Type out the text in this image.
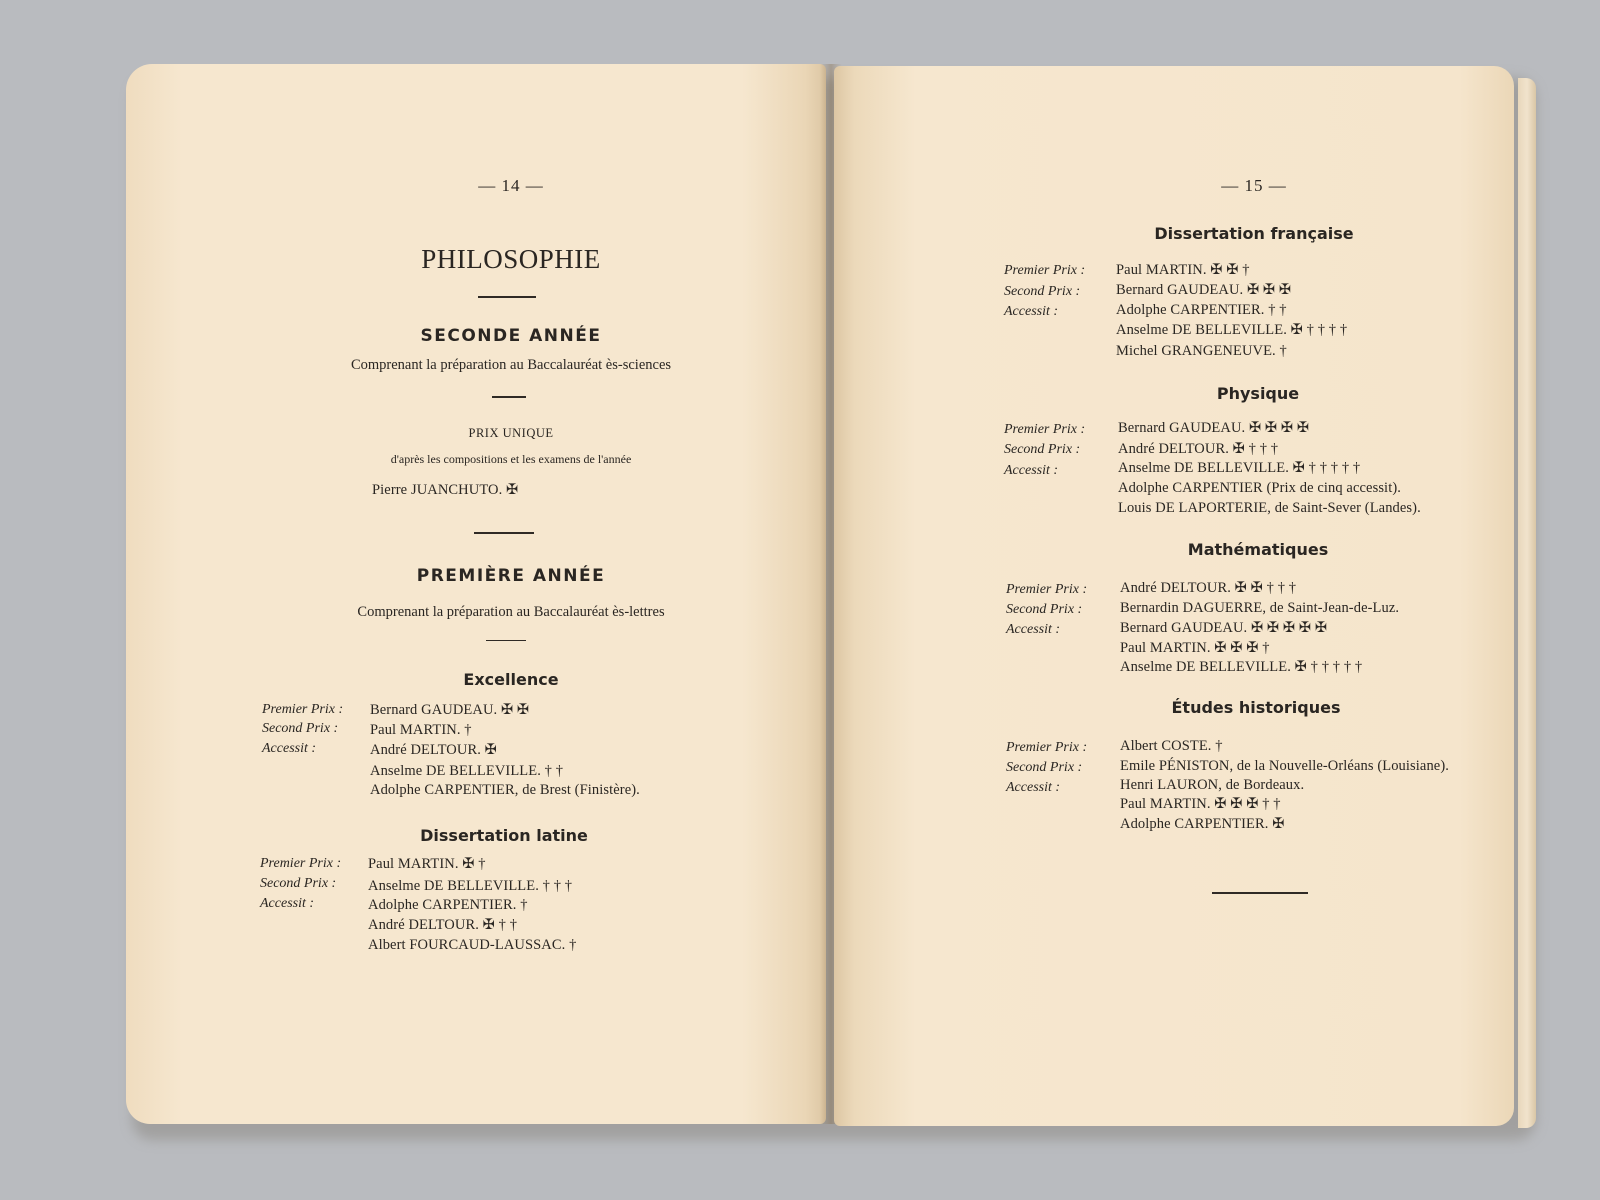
— 14 —
PHILOSOPHIE
SECONDE ANNÉE
Comprenant la préparation au Baccalauréat ès-sciences
PRIX UNIQUE
d'après les compositions et les examens de l'année
Pierre JUANCHUTO. ✠
PREMIÈRE ANNÉE
Comprenant la préparation au Baccalauréat ès-lettres
Excellence
Premier Prix : Bernard GAUDEAU. ✠ ✠
Second Prix : Paul MARTIN. †
Accessit :	André DELTOUR. ✠
Anselme DE BELLEVILLE. † †
Adolphe CARPENTIER, de Brest (Finistère).
Dissertation latine
Premier Prix : Paul MARTIN. ✠ †
Second Prix : Anselme DE BELLEVILLE. † † †
Accessit :	Adolphe CARPENTIER. †
André DELTOUR. ✠ † †
Albert FOURCAUD-LAUSSAC. †
— 15 —
Dissertation française
Premier Prix : Paul MARTIN. ✠ ✠ †
Second Prix : Bernard GAUDEAU. ✠ ✠ ✠
Accessit :	Adolphe CARPENTIER. † †
Anselme DE BELLEVILLE. ✠ † † † †
Michel GRANGENEUVE. †
Physique
Premier Prix : Bernard GAUDEAU. ✠ ✠ ✠ ✠
Second Prix :	André DELTOUR. ✠ † † †
Accessit :	Anselme DE BELLEVILLE. ✠ † † † † †
Adolphe CARPENTIER (Prix de cinq accessit).
Louis DE LAPORTERIE, de Saint-Sever (Landes).
Mathématiques
Premier Prix : André DELTOUR. ✠ ✠ † † †
Second Prix :	Bernardin DAGUERRE, de Saint-Jean-de-Luz.
Accessit :	Bernard GAUDEAU. ✠ ✠ ✠ ✠ ✠
Paul MARTIN. ✠ ✠ ✠ †
Anselme DE BELLEVILLE. ✠ † † † † †
Études historiques
Premier Prix : Albert COSTE. †
Second Prix :	Emile PÉNISTON, de la Nouvelle-Orléans (Louisiane).
Accessit :	Henri LAURON, de Bordeaux.
Paul MARTIN. ✠ ✠ ✠ † †
Adolphe CARPENTIER. ✠
